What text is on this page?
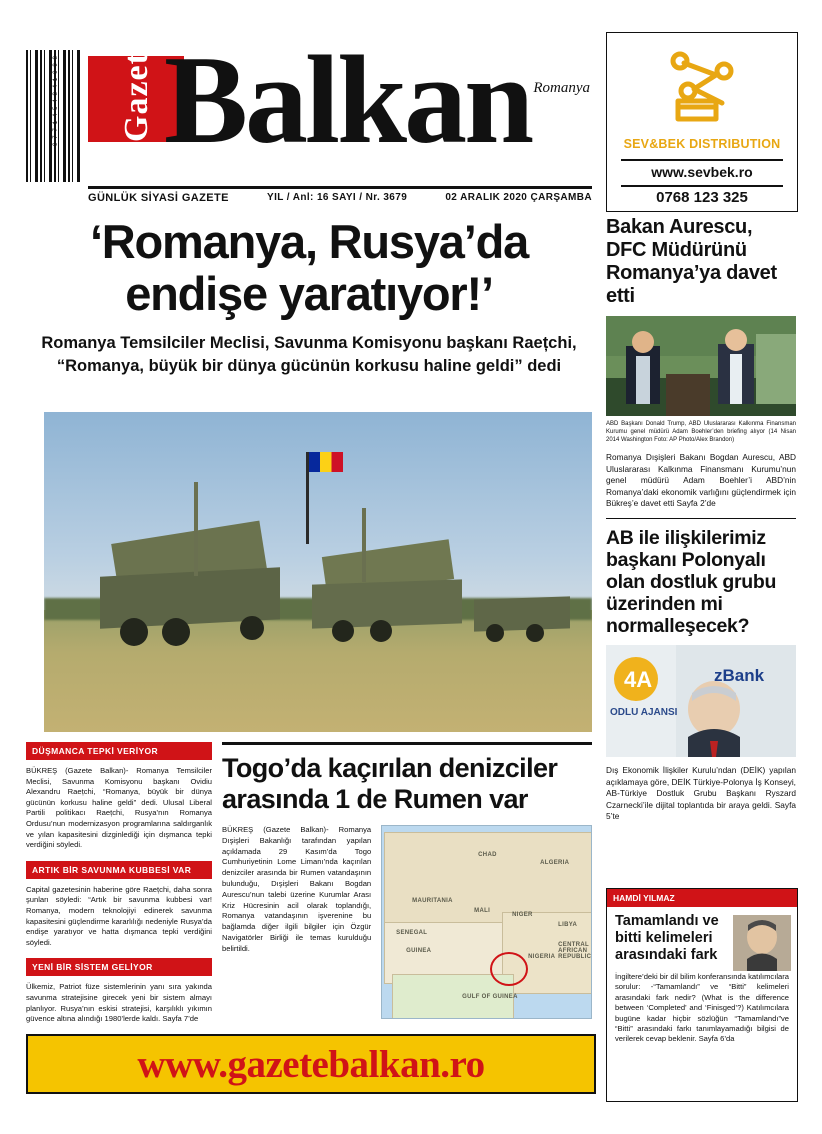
9 7 7 1 4 5 4 8 4 1 0 0 8	Gazete Balkan Romanya
GÜNLÜK SİYASİ GAZETE	YIL / Anl: 16 SAYI / Nr. 3679	02 ARALIK 2020 ÇARŞAMBA
SEV&BEK DISTRIBUTION
www.sevbek.ro
0768 123 325
‘Romanya, Rusya’da endişe yaratıyor!’
Romanya Temsilciler Meclisi, Savunma Komisyonu başkanı Raețchi, “Romanya, büyük bir dünya gücünün korkusu haline geldi” dedi
DÜŞMANCA TEPKİ VERİYOR

BÜKREŞ (Gazete Balkan)- Romanya Temsilciler Meclisi, Savunma Komisyonu başkanı Ovidiu Alexandru Raețchi, “Romanya, büyük bir dünya gücünün korkusu haline geldi” dedi. Ulusal Liberal Partili politikacı Raețchi, Rusya’nın Romanya Ordusu’nun modernizasyon programlarına saldırganlık ve yılan kapasitesini dizginlediği için dışmanca tepki verdiğini söyledi.

ARTIK BİR SAVUNMA KUBBESİ VAR

Capital gazetesinin haberine göre Raețchi, daha sonra şunları söyledi: “Artık bir savunma kubbesi var! Romanya, modern teknolojiyi edinerek savunma kapasitesini güçlendirme kararlılığı nedeniyle Rusya’da endişe yaratıyor ve hatta dışmanca tepki verdiğini söyledi.

YENİ BİR SİSTEM GELİYOR

Ülkemiz, Patriot füze sistemlerinin yanı sıra yakında savunma stratejisine girecek yeni bir sistem almayı planlıyor. Rusya’nın eskisi stratejisi, karşılıklı yıkımın güvence altına alındığı 1980’lerde kaldı. Sayfa 7’de

Togo’da kaçırılan denizciler arasında 1 de Rumen var
BÜKREŞ (Gazete Balkan)- Romanya Dışişleri Bakanlığı tarafından yapılan açıklamada 29 Kasım’da Togo Cumhuriyetinin Lome Limanı’nda kaçırılan denizciler arasında bir Rumen vatandaşının bulunduğu, Dışişleri Bakanı Bogdan Aurescu’nun talebi üzerine Kurumlar Arası Kriz Hücresinin acil olarak toplandığı, Romanya vatandaşının işverenine bu bağlamda diğer ilgili bilgiler için Özgür Navigatörler Birliği ile temas kurulduğu belirtildi.
CHAD
ALGERIA
MAURITANIA
MALI
NIGER
LIBYA
SENEGAL
GUINEA
NIGERIA
CENTRAL AFRICAN REPUBLIC
GULF OF GUINEA
Bakan Aurescu, DFC Müdürünü Romanya’ya davet etti
ABD Başkanı Donald Trump, ABD Uluslararası Kalkınma Finansman Kurumu genel müdürü Adam Boehler’den briefing alıyor (14 Nisan 2014 Washington Foto: AP Photo/Alex Brandon)
Romanya Dışişleri Bakanı Bogdan Aurescu, ABD Uluslararası Kalkınma Finansmanı Kurumu’nun genel müdürü Adam Boehler’i ABD’nin Romanya’daki ekonomik varlığını güçlendirmek için Bükreş’e davet etti Sayfa 2’de
AB ile ilişkilerimiz başkanı Polonyalı olan dostluk grubu üzerinden mi normalleşecek?
4A
ODLU AJANSI
zBank
Dış Ekonomik İlişkiler Kurulu’ndan (DEİK) yapılan açıklamaya göre, DEİK Türkiye-Polonya İş Konseyi, AB-Türkiye Dostluk Grubu Başkanı Ryszard Czarnecki’ile dijital toplantıda bir araya geldi. Sayfa 5’te
HAMDİ YILMAZ
Tamamlandı ve bitti kelimeleri arasındaki fark
İngiltere’deki bir dil bilim konferansında katılımcılara sorulur: -“Tamamlandı” ve “Bitti” kelimeleri arasındaki fark nedir? (What is the difference between ‘Completed’ and ‘Finisged’?) Katılımcılara bugüne kadar hiçbir sözlüğün “Tamamlandı”ve “Bitti” arasındaki farkı tanımlayamadığı bilgisi de verilerek cevap beklenir. Sayfa 6’da
www.gazetebalkan.ro
